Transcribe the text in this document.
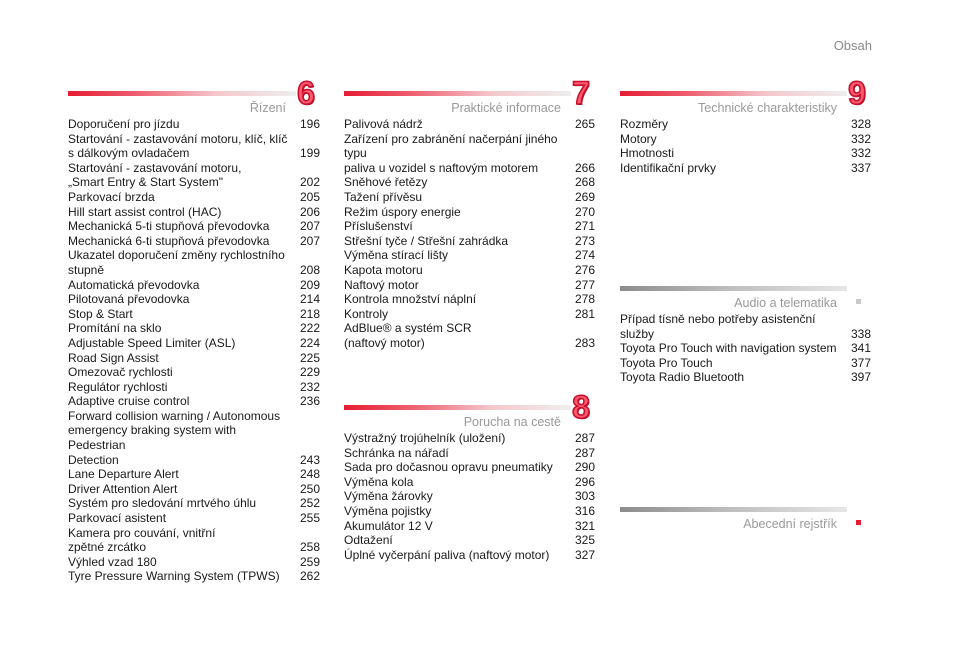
Obsah
Řízení 6
Doporučení pro jízdu	196
Startování - zastavování motoru, klíč, klíč
s dálkovým ovladačem	199
Startování - zastavování motoru,
„Smart Entry & Start System"	202
Parkovací brzda	205
Hill start assist control (HAC)	206
Mechanická 5-ti stupňová převodovka	207
Mechanická 6-ti stupňová převodovka	207
Ukazatel doporučení změny rychlostního
stupně	208
Automatická převodovka	209
Pilotovaná převodovka	214
Stop & Start	218
Promítání na sklo	222
Adjustable Speed Limiter (ASL)	224
Road Sign Assist	225
Omezovač rychlosti	229
Regulátor rychlosti	232
Adaptive cruise control	236
Forward collision warning / Autonomous
emergency braking system with Pedestrian
Detection	243
Lane Departure Alert	248
Driver Attention Alert	250
Systém pro sledování mrtvého úhlu	252
Parkovací asistent	255
Kamera pro couvání, vnitřní
zpětné zrcátko	258
Výhled vzad 180	259
Tyre Pressure Warning System (TPWS)	262
Praktické informace 7
Palivová nádrž	265
Zařízení pro zabránění načerpání jiného typu
paliva u vozidel s naftovým motorem	266
Sněhové řetězy	268
Tažení přívěsu	269
Režim úspory energie	270
Příslušenství	271
Střešní tyče / Střešní zahrádka	273
Výměna stírací lišty	274
Kapota motoru	276
Naftový motor	277
Kontrola množství náplní	278
Kontroly	281
AdBlue® a systém SCR
(naftový motor)	283
Porucha na cestě 8
Výstražný trojúhelník (uložení)	287
Schránka na nářadí	287
Sada pro dočasnou opravu pneumatiky	290
Výměna kola	296
Výměna žárovky	303
Výměna pojistky	316
Akumulátor 12 V	321
Odtažení	325
Úplné vyčerpání paliva (naftový motor)	327
Technické charakteristiky 9
Rozměry	328
Motory	332
Hmotnosti	332
Identifikační prvky	337
Audio a telematika
Případ tísně nebo potřeby asistenční
služby	338
Toyota Pro Touch with navigation system	341
Toyota Pro Touch	377
Toyota Radio Bluetooth	397
Abecední rejstřík
